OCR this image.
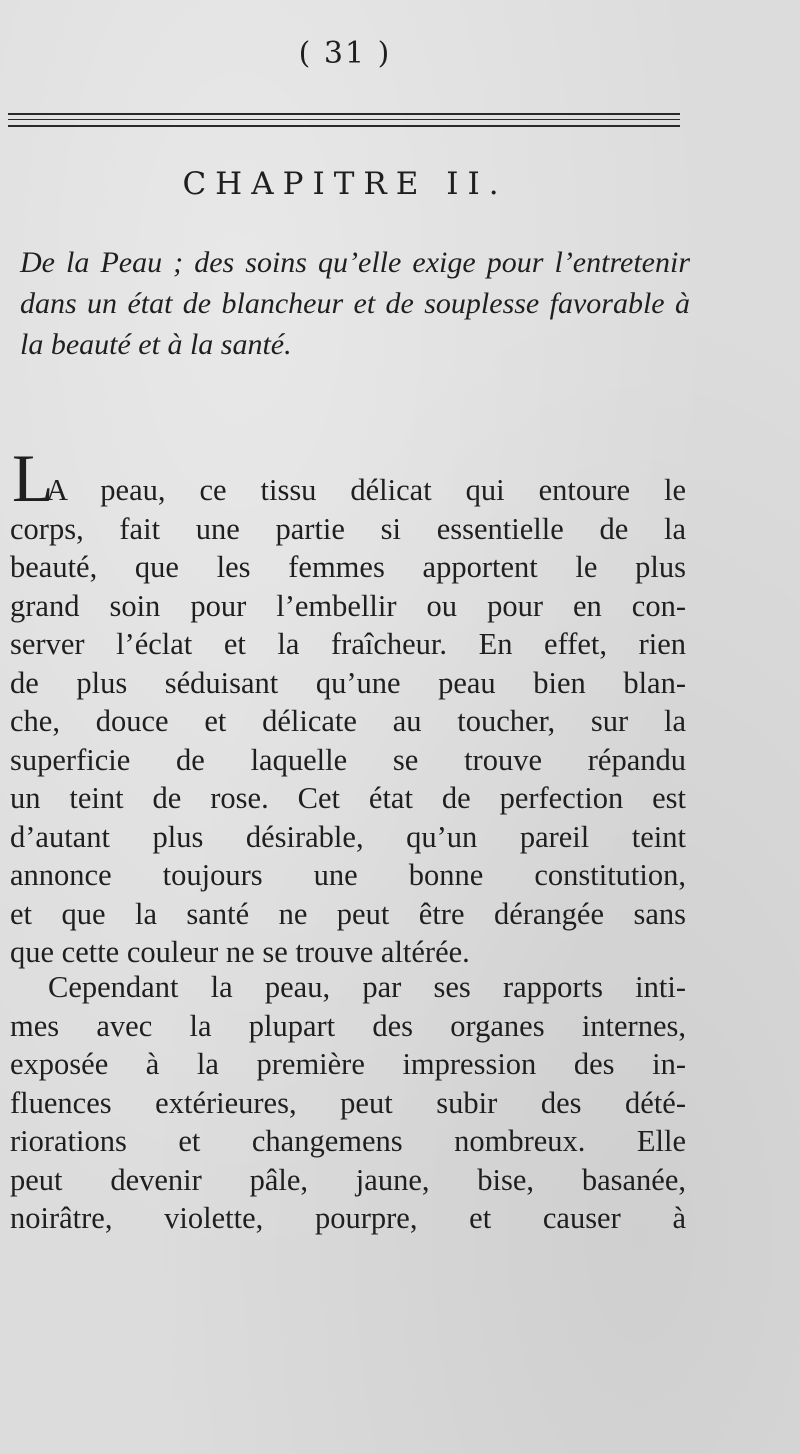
( 31 )
CHAPITRE II.
De la Peau ; des soins qu’elle exige pour l’entretenir dans un état de blancheur et de souplesse favorable à la beauté et à la santé.
L
A peau, ce tissu délicat qui entoure le
corps, fait une partie si essentielle de la
beauté, que les femmes apportent le plus
grand soin pour l’embellir ou pour en con-
server l’éclat et la fraîcheur. En effet, rien
de plus séduisant qu’une peau bien blan-
che, douce et délicate au toucher, sur la
superficie de laquelle se trouve répandu
un teint de rose. Cet état de perfection est
d’autant plus désirable, qu’un pareil teint
annonce toujours une bonne constitution,
et que la santé ne peut être dérangée sans
que cette couleur ne se trouve altérée.
Cependant la peau, par ses rapports inti-
mes avec la plupart des organes internes,
exposée à la première impression des in-
fluences extérieures, peut subir des dété-
riorations et changemens nombreux. Elle
peut devenir pâle, jaune, bise, basanée,
noirâtre, violette, pourpre, et causer à
